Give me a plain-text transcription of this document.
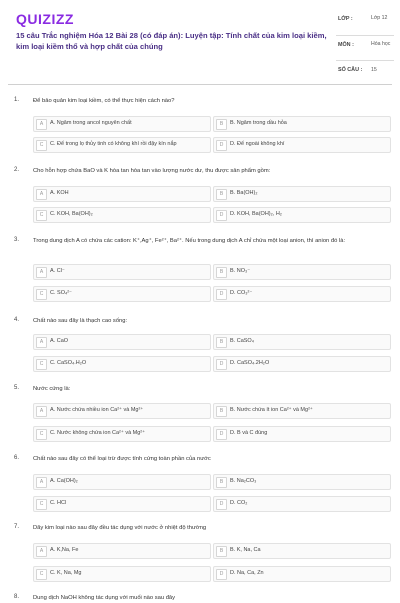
QUIZIZZ
15 câu Trắc nghiệm Hóa 12 Bài 28 (có đáp án): Luyện tập: Tính chất của kim loại kiềm, kim loại kiềm thổ và hợp chất của chúng
LỚP :	Lớp 12
MÔN :	Hóa học
SỐ CÂU : 15
1. Để bảo quản kim loại kiềm, có thể thực hiện cách nào?
A	A. Ngâm trong ancol nguyên chất	B	B. Ngâm trong dầu hỏa
C	C. Để trong lọ thủy tinh có không khí rồi đậy kín nắp	D	D. Để ngoài không khí
2. Cho hỗn hợp chứa BaO và K hòa tan hòa tan vào lượng nước dư, thu được sản phẩm gồm:
A	A. KOH	B	B. Ba(OH)₂
C	C. KOH, Ba(OH)₂	D	D. KOH, Ba(OH)₂, H₂
3. Trong dung dịch A có chứa các cation: K⁺,Ag⁺, Fe²⁺, Ba²⁺. Nếu trong dung dịch A chỉ chứa một loại anion, thì anion đó là:
A	A. Cl⁻	B	B. NO₃⁻
C	C. SO₄²⁻	D	D. CO₃²⁻
4. Chất nào sau đây là thạch cao sống:
A	A. CaO	B	B. CaSO₄
C	C. CaSO₄.H₂O	D	D. CaSO₄.2H₂O
5. Nước cứng là:
A	A. Nước chứa nhiều ion Ca²⁺ và Mg²⁺	B	B. Nước chứa ít ion Ca²⁺ và Mg²⁺
C	C. Nước không chứa ion Ca²⁺ và Mg²⁺	D	D. B và C đúng
6. Chất nào sau đây có thể loại trừ được tính cứng toàn phần của nước
A	A. Ca(OH)₂	B	B. Na₂CO₃
C	C. HCl	D	D. CO₂
7. Dãy kim loại nào sau đây đều tác dụng với nước ở nhiệt độ thường
A	A. K,Na, Fe	B	B. K, Na, Ca
C	C. K, Na, Mg	D	D. Na, Ca, Zn
8. Dung dịch NaOH không tác dụng với muối nào sau đây
